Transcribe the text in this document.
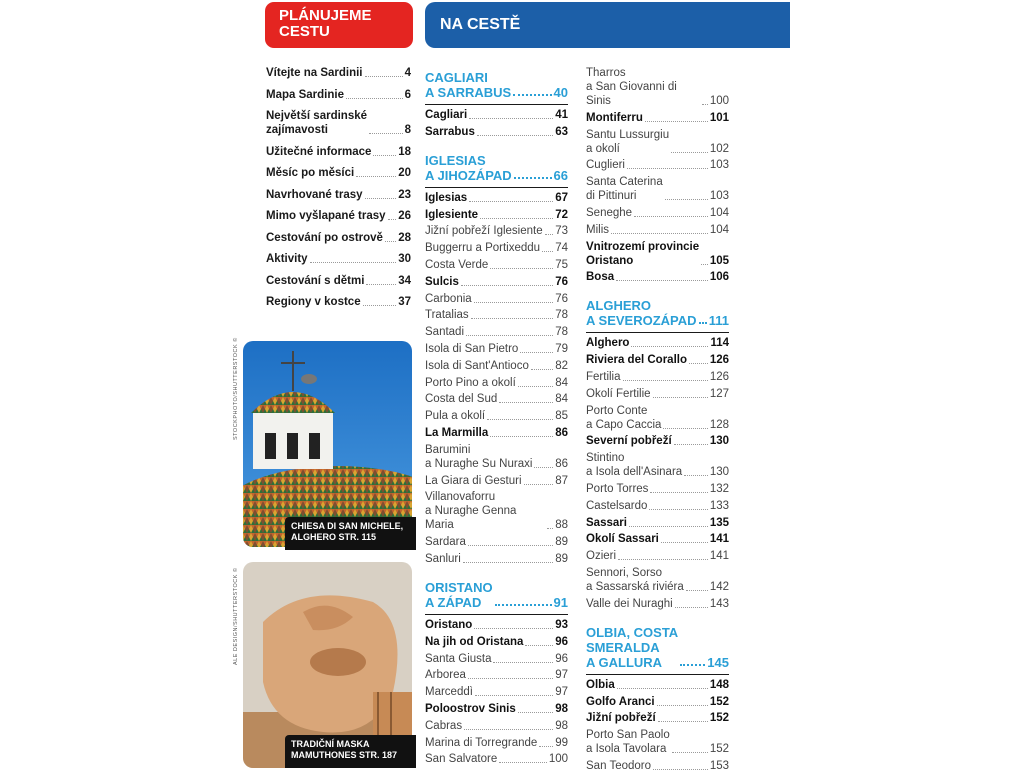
PLÁNUJEME
CESTU	NA CESTĚ
Vítejte na Sardinii	4
Mapa Sardinie	6
Největší sardinské
zajímavosti	8
Užitečné informace 18
Měsíc po měsíci	20
Navrhované trasy	23
Mimo vyšlapané trasy 26
Cestování po ostrově 28
Aktivity	30
Cestování s dětmi	34
Regiony v kostce	37
CHIESA DI SAN MICHELE,
ALGHERO STR. 115
STOCKPHOTO/SHUTTERSTOCK ©
TRADIČNÍ MASKA
MAMUTHONES STR. 187
ALE DESIGN/SHUTTERSTOCK ©
CAGLIARI
A SARRABUS	40
Cagliari	41
Sarrabus	63
IGLESIAS
A JIHOZÁPAD	66
Iglesias	67
Iglesiente	72
Jižní pobřeží Iglesiente 73
Buggerru a Portixeddu 74
Costa Verde	75
Sulcis	76
Carbonia	76
Tratalias	78
Santadi	78
Isola di San Pietro	79
Isola di Sant'Antioco 82
Porto Pino a okolí	84
Costa del Sud	84
Pula a okolí	85
La Marmilla	86
Barumini
a Nuraghe Su Nuraxi 86
La Giara di Gesturi	87
Villanovaforru
a Nuraghe Genna Maria	88
Sardara	89
Sanluri	89
ORISTANO
A ZÁPAD	91
Oristano	93
Na jih od Oristana	96
Santa Giusta	96
Arborea	97
Marceddì	97
Poloostrov Sinis	98
Cabras	98
Marina di Torregrande 99
San Salvatore	100
Tharros
a San Giovanni di Sinis	100
Montiferru	101
Santu Lussurgiu
a okolí	102
Cuglieri	103
Santa Caterina
di Pittinuri	103
Seneghe	104
Milis	104
Vnitrozemí provincie
Oristano	105
Bosa	106
ALGHERO
A SEVEROZÁPAD 111
Alghero	114
Riviera del Corallo 126
Fertilia	126
Okolí Fertilie	127
Porto Conte
a Capo Caccia	128
Severní pobřeží	130
Stintino
a Isola dell'Asinara 130
Porto Torres	132
Castelsardo	133
Sassari	135
Okolí Sassari	141
Ozieri	141
Sennori, Sorso
a Sassarská riviéra 142
Valle dei Nuraghi	143
OLBIA, COSTA
SMERALDA
A GALLURA	145
Olbia	148
Golfo Aranci	152
Jižní pobřeží	152
Porto San Paolo
a Isola Tavolara	152
San Teodoro	153
